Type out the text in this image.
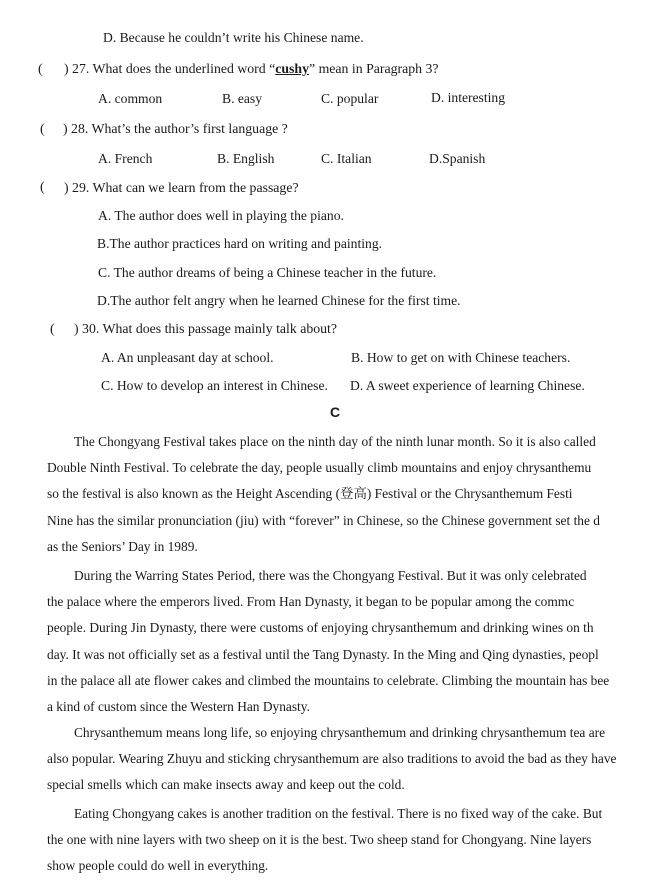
D. Because he couldn’t write his Chinese name.
( ) 27. What does the underlined word “cushy” mean in Paragraph 3?
A. common	B. easy	C. popular	D. interesting
( ) 28. What’s the author’s first language ?
A. French	B. English	C. Italian	D.Spanish
( ) 29. What can we learn from the passage?
A. The author does well in playing the piano.
B.The author practices hard on writing and painting.
C. The author dreams of being a Chinese teacher in the future.
D.The author felt angry when he learned Chinese for the first time.
( ) 30. What does this passage mainly talk about?
A. An unpleasant day at school.	B. How to get on with Chinese teachers.
C. How to develop an interest in Chinese. D. A sweet experience of learning Chinese.
C
The Chongyang Festival takes place on the ninth day of the ninth lunar month. So it is also called
Double Ninth Festival. To celebrate the day, people usually climb mountains and enjoy chrysanthemu
so the festival is also known as the Height Ascending (登高) Festival or the Chrysanthemum Festi
Nine has the similar pronunciation (jiu) with “forever” in Chinese, so the Chinese government set the d
as the Seniors’ Day in 1989.
During the Warring States Period, there was the Chongyang Festival. But it was only celebrated
the palace where the emperors lived. From Han Dynasty, it began to be popular among the commc
people. During Jin Dynasty, there were customs of enjoying chrysanthemum and drinking wines on th
day. It was not officially set as a festival until the Tang Dynasty. In the Ming and Qing dynasties, peopl
in the palace all ate flower cakes and climbed the mountains to celebrate. Climbing the mountain has bee
a kind of custom since the Western Han Dynasty.
Chrysanthemum means long life, so enjoying chrysanthemum and drinking chrysanthemum tea are
also popular. Wearing Zhuyu and sticking chrysanthemum are also traditions to avoid the bad as they have
special smells which can make insects away and keep out the cold.
Eating Chongyang cakes is another tradition on the festival. There is no fixed way of the cake. But
the one with nine layers with two sheep on it is the best. Two sheep stand for Chongyang. Nine layers
show people could do well in everything.
